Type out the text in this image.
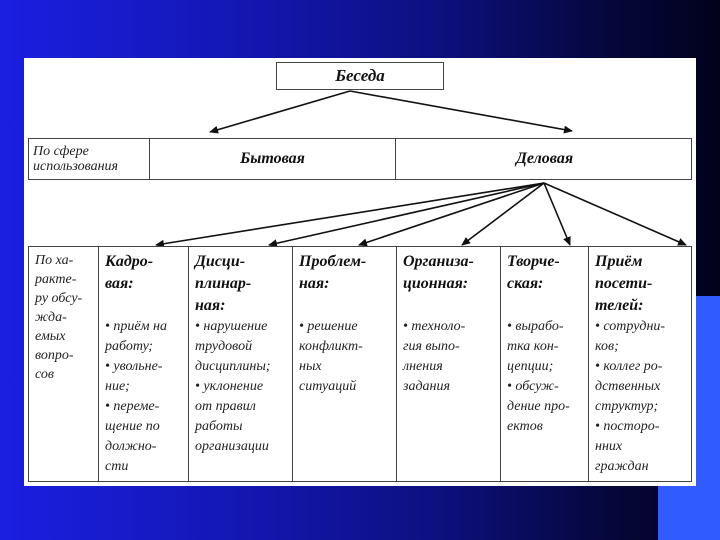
Беседа
По сфере
использования	Бытовая	Деловая
По ха-
рактe-
ру обсу-
жда-
емых
вопро-
сов
Кадро-
вая:
• приём на
работу;
• увольне-
ние;
• переме-
щение по
должно-
сти
Дисци-
плинар-
ная:
• нарушение
трудовой
дисциплины;
• уклонение
от правил
работы
организации
Проблем-
ная:
• решение
конфликт-
ных
ситуаций
Организа-
ционная:
• техноло-
гия выпо-
лнения
задания
Творче-
ская:
• вырабо-
тка кон-
цепции;
• обсуж-
дение про-
ектов
Приём
посети-
телей:
• сотрудни-
ков;
• коллег ро-
дственных
структур;
• посторо-
нних
граждан
